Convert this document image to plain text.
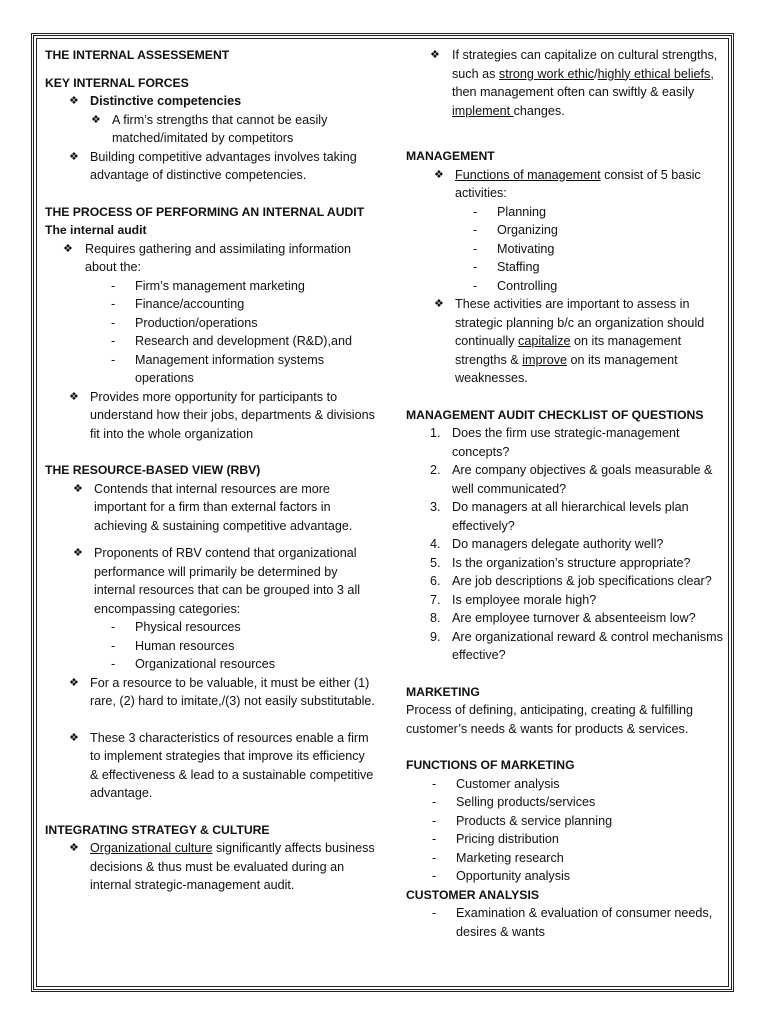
THE INTERNAL ASSESSEMENT
KEY INTERNAL FORCES
❖ Distinctive competencies
❖ A firm’s strengths that cannot be easily matched/imitated by competitors
❖ Building competitive advantages involves taking advantage of distinctive competencies.
THE PROCESS OF PERFORMING AN INTERNAL AUDIT
The internal audit
❖ Requires gathering and assimilating information about the:
- Firm’s management marketing
- Finance/accounting
- Production/operations
- Research and development (R&D),and
- Management information systems operations
❖ Provides more opportunity for participants to understand how their jobs, departments & divisions fit into the whole organization
THE RESOURCE-BASED VIEW (RBV)
❖ Contends that internal resources are more important for a firm than external factors in achieving & sustaining competitive advantage.
❖ Proponents of RBV contend that organizational performance will primarily be determined by internal resources that can be grouped into 3 all encompassing categories:
- Physical resources
- Human resources
- Organizational resources
❖ For a resource to be valuable, it must be either (1) rare, (2) hard to imitate,/(3) not easily substitutable.
❖ These 3 characteristics of resources enable a firm to implement strategies that improve its efficiency & effectiveness & lead to a sustainable competitive advantage.
INTEGRATING STRATEGY & CULTURE
❖ Organizational culture significantly affects business decisions & thus must be evaluated during an internal strategic-management audit.
❖ If strategies can capitalize on cultural strengths, such as strong work ethic/highly ethical beliefs, then management often can swiftly & easily implement changes.
MANAGEMENT
❖ Functions of management consist of 5 basic activities:
- Planning
- Organizing
- Motivating
- Staffing
- Controlling
❖ These activities are important to assess in strategic planning b/c an organization should continually capitalize on its management strengths & improve on its management weaknesses.
MANAGEMENT AUDIT CHECKLIST OF QUESTIONS
1. Does the firm use strategic-management concepts?
2. Are company objectives & goals measurable & well communicated?
3. Do managers at all hierarchical levels plan effectively?
4. Do managers delegate authority well?
5. Is the organization’s structure appropriate?
6. Are job descriptions & job specifications clear?
7. Is employee morale high?
8. Are employee turnover & absenteeism low?
9. Are organizational reward & control mechanisms effective?
MARKETING
Process of defining, anticipating, creating & fulfilling customer’s needs & wants for products & services.
FUNCTIONS OF MARKETING
- Customer analysis
- Selling products/services
- Products & service planning
- Pricing distribution
- Marketing research
- Opportunity analysis
CUSTOMER ANALYSIS
- Examination & evaluation of consumer needs, desires & wants
